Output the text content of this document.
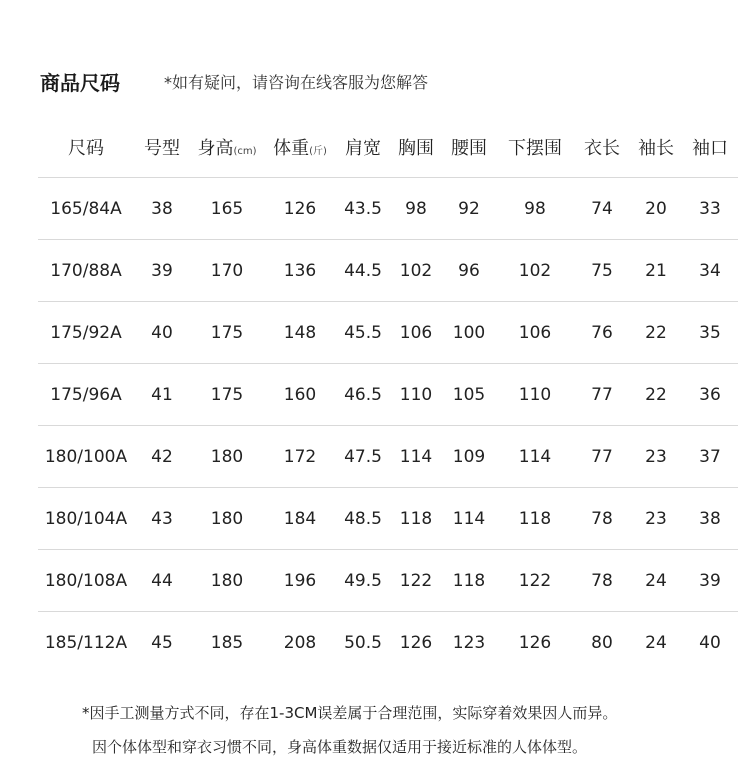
商品尺码	*如有疑问，请咨询在线客服为您解答
尺码	号型	身高(cm)	体重(斤)	肩宽	胸围	腰围	下摆围	衣长	袖长	袖口
165/84A	38	165	126	43.5	98	92	98	74	20	33
170/88A	39	170	136	44.5	102	96	102	75	21	34
175/92A	40	175	148	45.5	106	100	106	76	22	35
175/96A	41	175	160	46.5	110	105	110	77	22	36
180/100A	42	180	172	47.5	114	109	114	77	23	37
180/104A	43	180	184	48.5	118	114	118	78	23	38
180/108A	44	180	196	49.5	122	118	122	78	24	39
185/112A	45	185	208	50.5	126	123	126	80	24	40
*因手工测量方式不同，存在1-3CM误差属于合理范围，实际穿着效果因人而异。
因个体体型和穿衣习惯不同，身高体重数据仅适用于接近标准的人体体型。
